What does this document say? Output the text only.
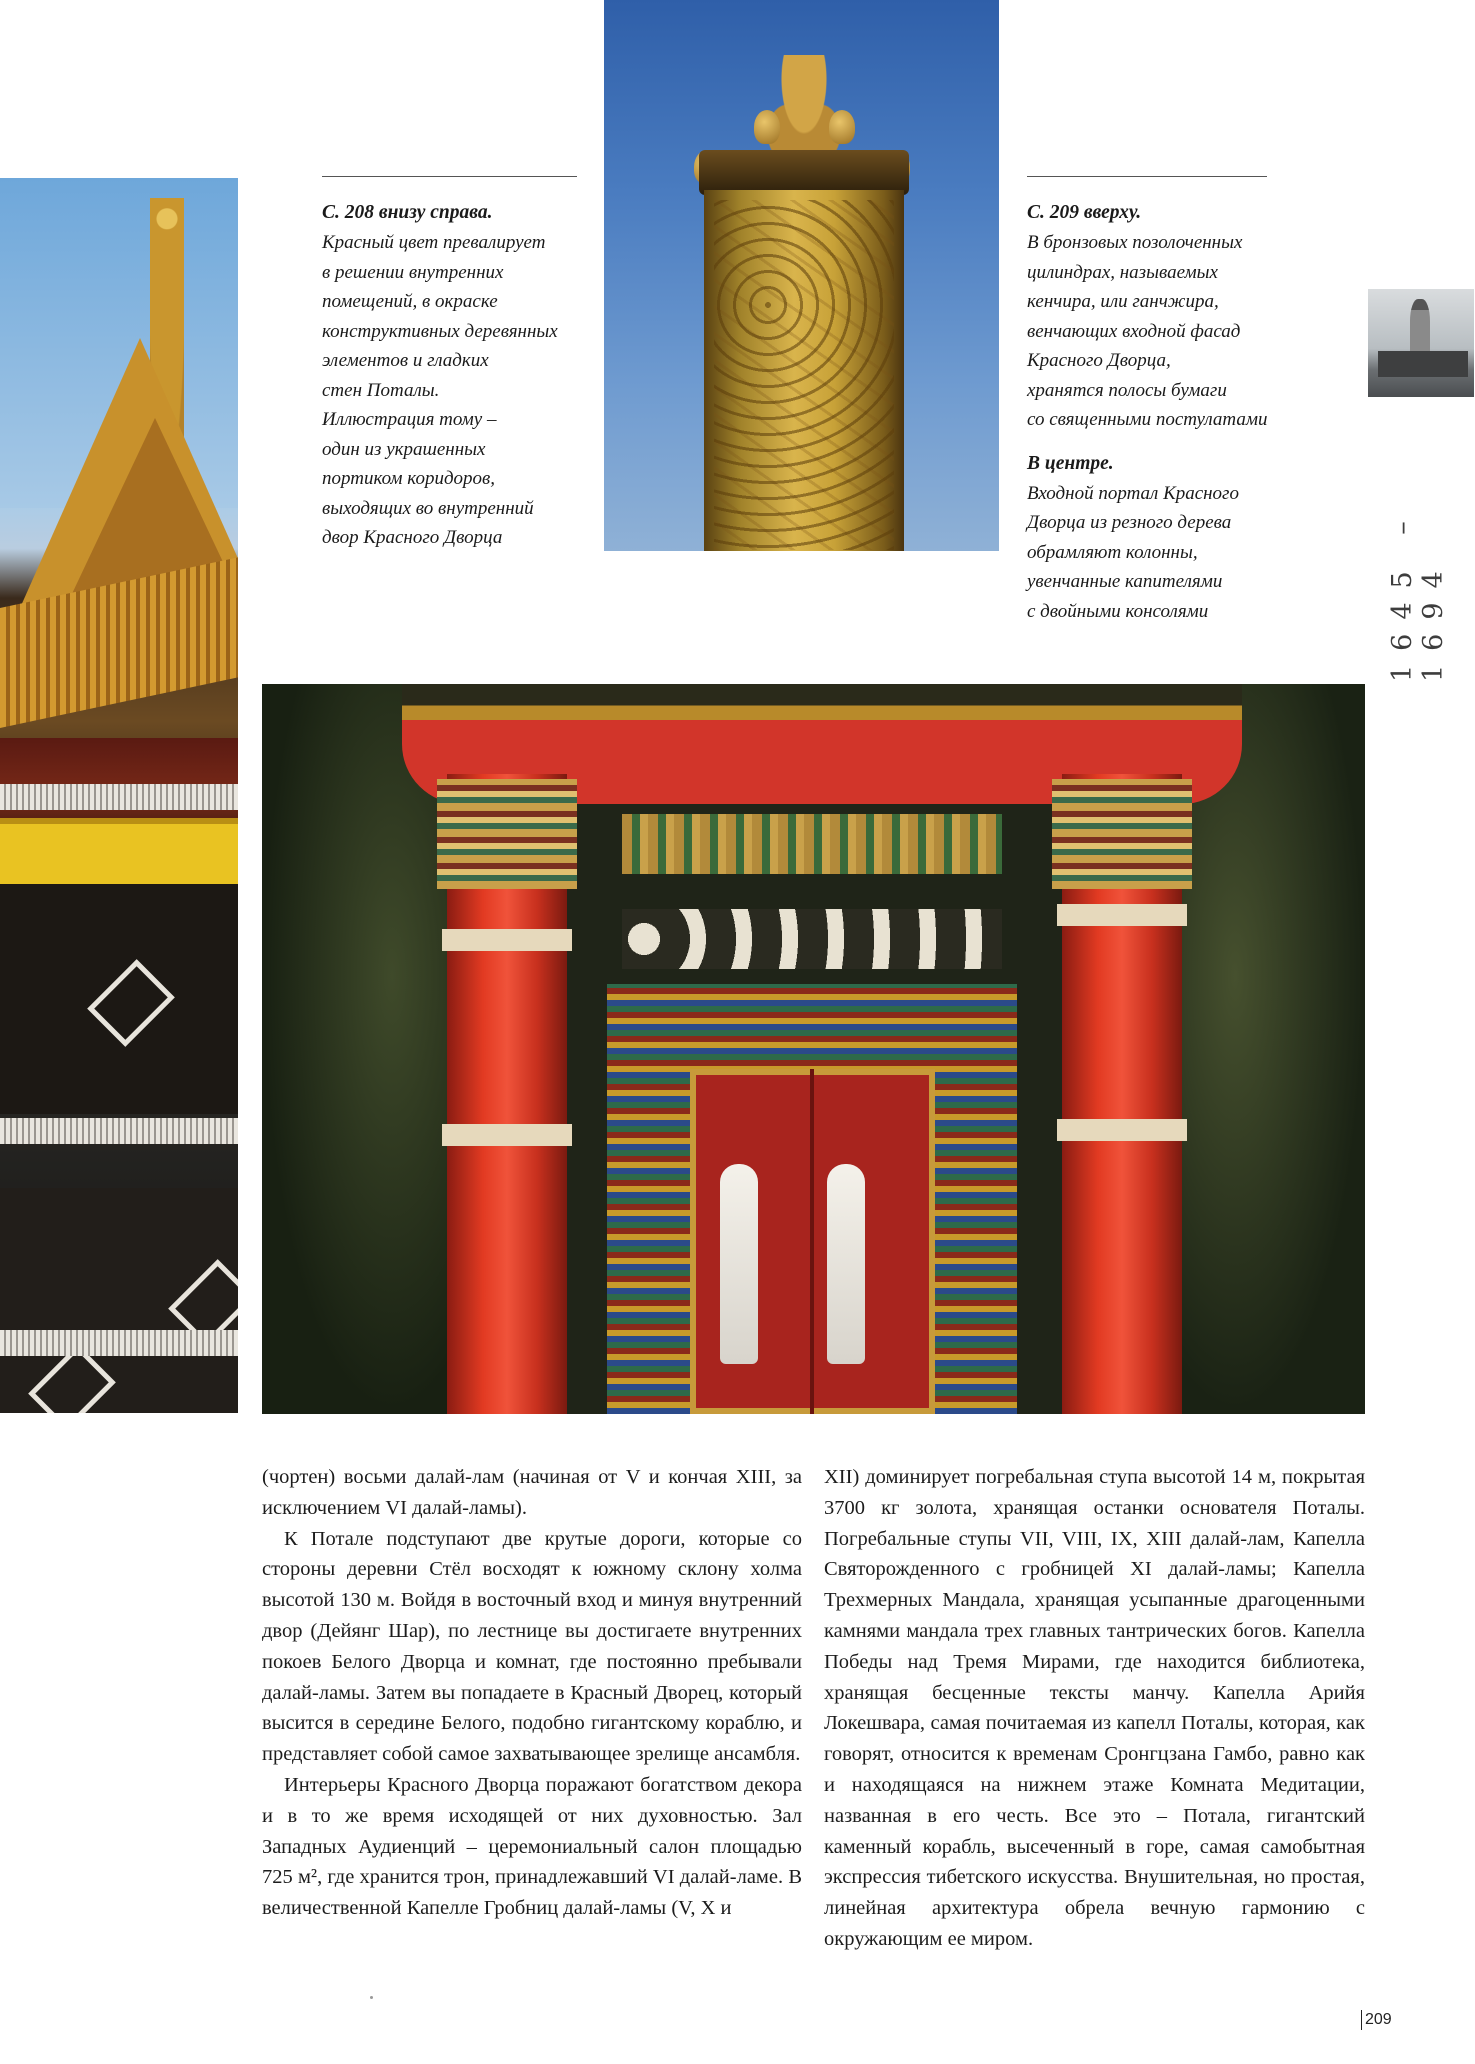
С. 208 внизу справа.

Красный цвет превалирует

в решении внутренних

помещений, в окраске

конструктивных деревянных

элементов и гладких

стен Поталы.

Иллюстрация тому –

один из украшенных

портиком коридоров,

выходящих во внутренний

двор Красного Дворца

С. 209 вверху.

В бронзовых позолоченных

цилиндрах, называемых

кенчира, или ганчжира,

венчающих входной фасад

Красного Дворца,

хранятся полосы бумаги

со священными постулатами

В центре.

Входной портал Красного

Дворца из резного дерева

обрамляют колонны,

увенчанные капителями

с двойными консолями	1645 – 1694

(чортен) восьми далай-лам (начиная от V и кончая XIII, за исключением VI далай-ламы).

К Потале подступают две крутые дороги, которые со стороны деревни Стёл восходят к южному склону холма высотой 130 м. Войдя в восточный вход и минуя внутренний двор (Дейянг Шар), по лестнице вы достигаете внутренних покоев Белого Дворца и комнат, где постоянно пребывали далай-ламы. Затем вы попадаете в Красный Дворец, который высится в середине Белого, подобно гигантскому кораблю, и представляет собой самое захватывающее зрелище ансамбля.

Интерьеры Красного Дворца поражают богатством декора и в то же время исходящей от них духовностью. Зал Западных Аудиенций – церемониальный салон площадью 725 м², где хранится трон, принадлежавший VI далай-ламе. В величественной Капелле Гробниц далай-ламы (V, X и

XII) доминирует погребальная ступа высотой 14 м, покрытая 3700 кг золота, хранящая останки основателя Поталы. Погребальные ступы VII, VIII, IX, XIII далай-лам, Капелла Святорожденного с гробницей XI далай-ламы; Капелла Трехмерных Мандала, хранящая усыпанные драгоценными камнями мандала трех главных тантрических богов. Капелла Победы над Тремя Мирами, где находится библиотека, хранящая бесценные тексты манчу. Капелла Арийя Локешвара, самая почитаемая из капелл Поталы, которая, как говорят, относится к временам Сронгцзана Гамбо, равно как и находящаяся на нижнем этаже Комната Медитации, названная в его честь. Все это – Потала, гигантский каменный корабль, высеченный в горе, самая самобытная экспрессия тибетского искусства. Внушительная, но простая, линейная архитектура обрела вечную гармонию с окружающим ее миром.

209
